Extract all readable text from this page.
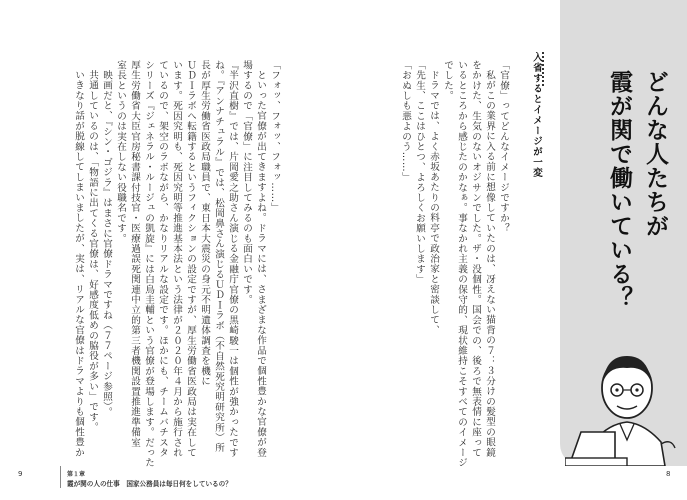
どんな人たちが
霞が関で働いている？
入省するとイメージが一変
「官僚」ってどんなイメージですか？
私がこの業界に入る前に想像していたのは、冴えない猫背の７：３分けの髪型の眼鏡
をかけた、生気のないオジサンでした。ザ・没個性。国会での、後ろで無表情に座って
いるところから感じたのかなぁ。事なかれ主義の保守的、現状維持こそすべてのイメージ
でした。
ドラマでは、よく赤坂あたりの料亭で政治家と密談して、
「先生、ここはひとつ、よろしくお願いします」
「おぬしも悪よのう……」
「フォッ、フォッ、フォッ……」
といった官僚が出てきますよね。ドラマには、さまざまな作品で個性豊かな官僚が登
場するので「官僚」に注目してみるのも面白いです。
『半沢直樹』では、片岡愛之助さん演じる金融庁官僚の黒崎駿一は個性が強かったです
ね。『アンナチュラル』では、松岡鼻さん演じるＵＤＩラボ（不自然死究明研究所）所
長が厚生労働省医政局職員で、東日本大震災の身元不明遺体調査を機に
ＵＤＩラボへ転籍するというフィクションの設定ですが、厚生労働省医政局は実在して
います。死因究明も、死因究明等推進基本法という法律が２０２０年４月から施行され
ているので、架空のラボながら、かなりリアルな設定です。ほかにも、チームバチスタ
シリーズ『ジェネラル・ルージュの凱旋』には白鳥圭輔という官僚が登場します。だった
厚生労働省大臣官房秘書課付技官・医療過誤死関連中立的第三者機関設置推進準備室
室長というのは実在しない役職名です。
映画だと、『シン・ゴジラ』はまさに官僚ドラマですね（７７ページ参照）。
共通しているのは、「物語に出てくる官僚は、好感度低めの脇役が多い」です。
いきなり話が脱線してしまいましたが、実は、リアルな官僚はドラマよりも個性豊か
9	第１章
霞が関の人の仕事　国家公務員は毎日何をしているの？
8
